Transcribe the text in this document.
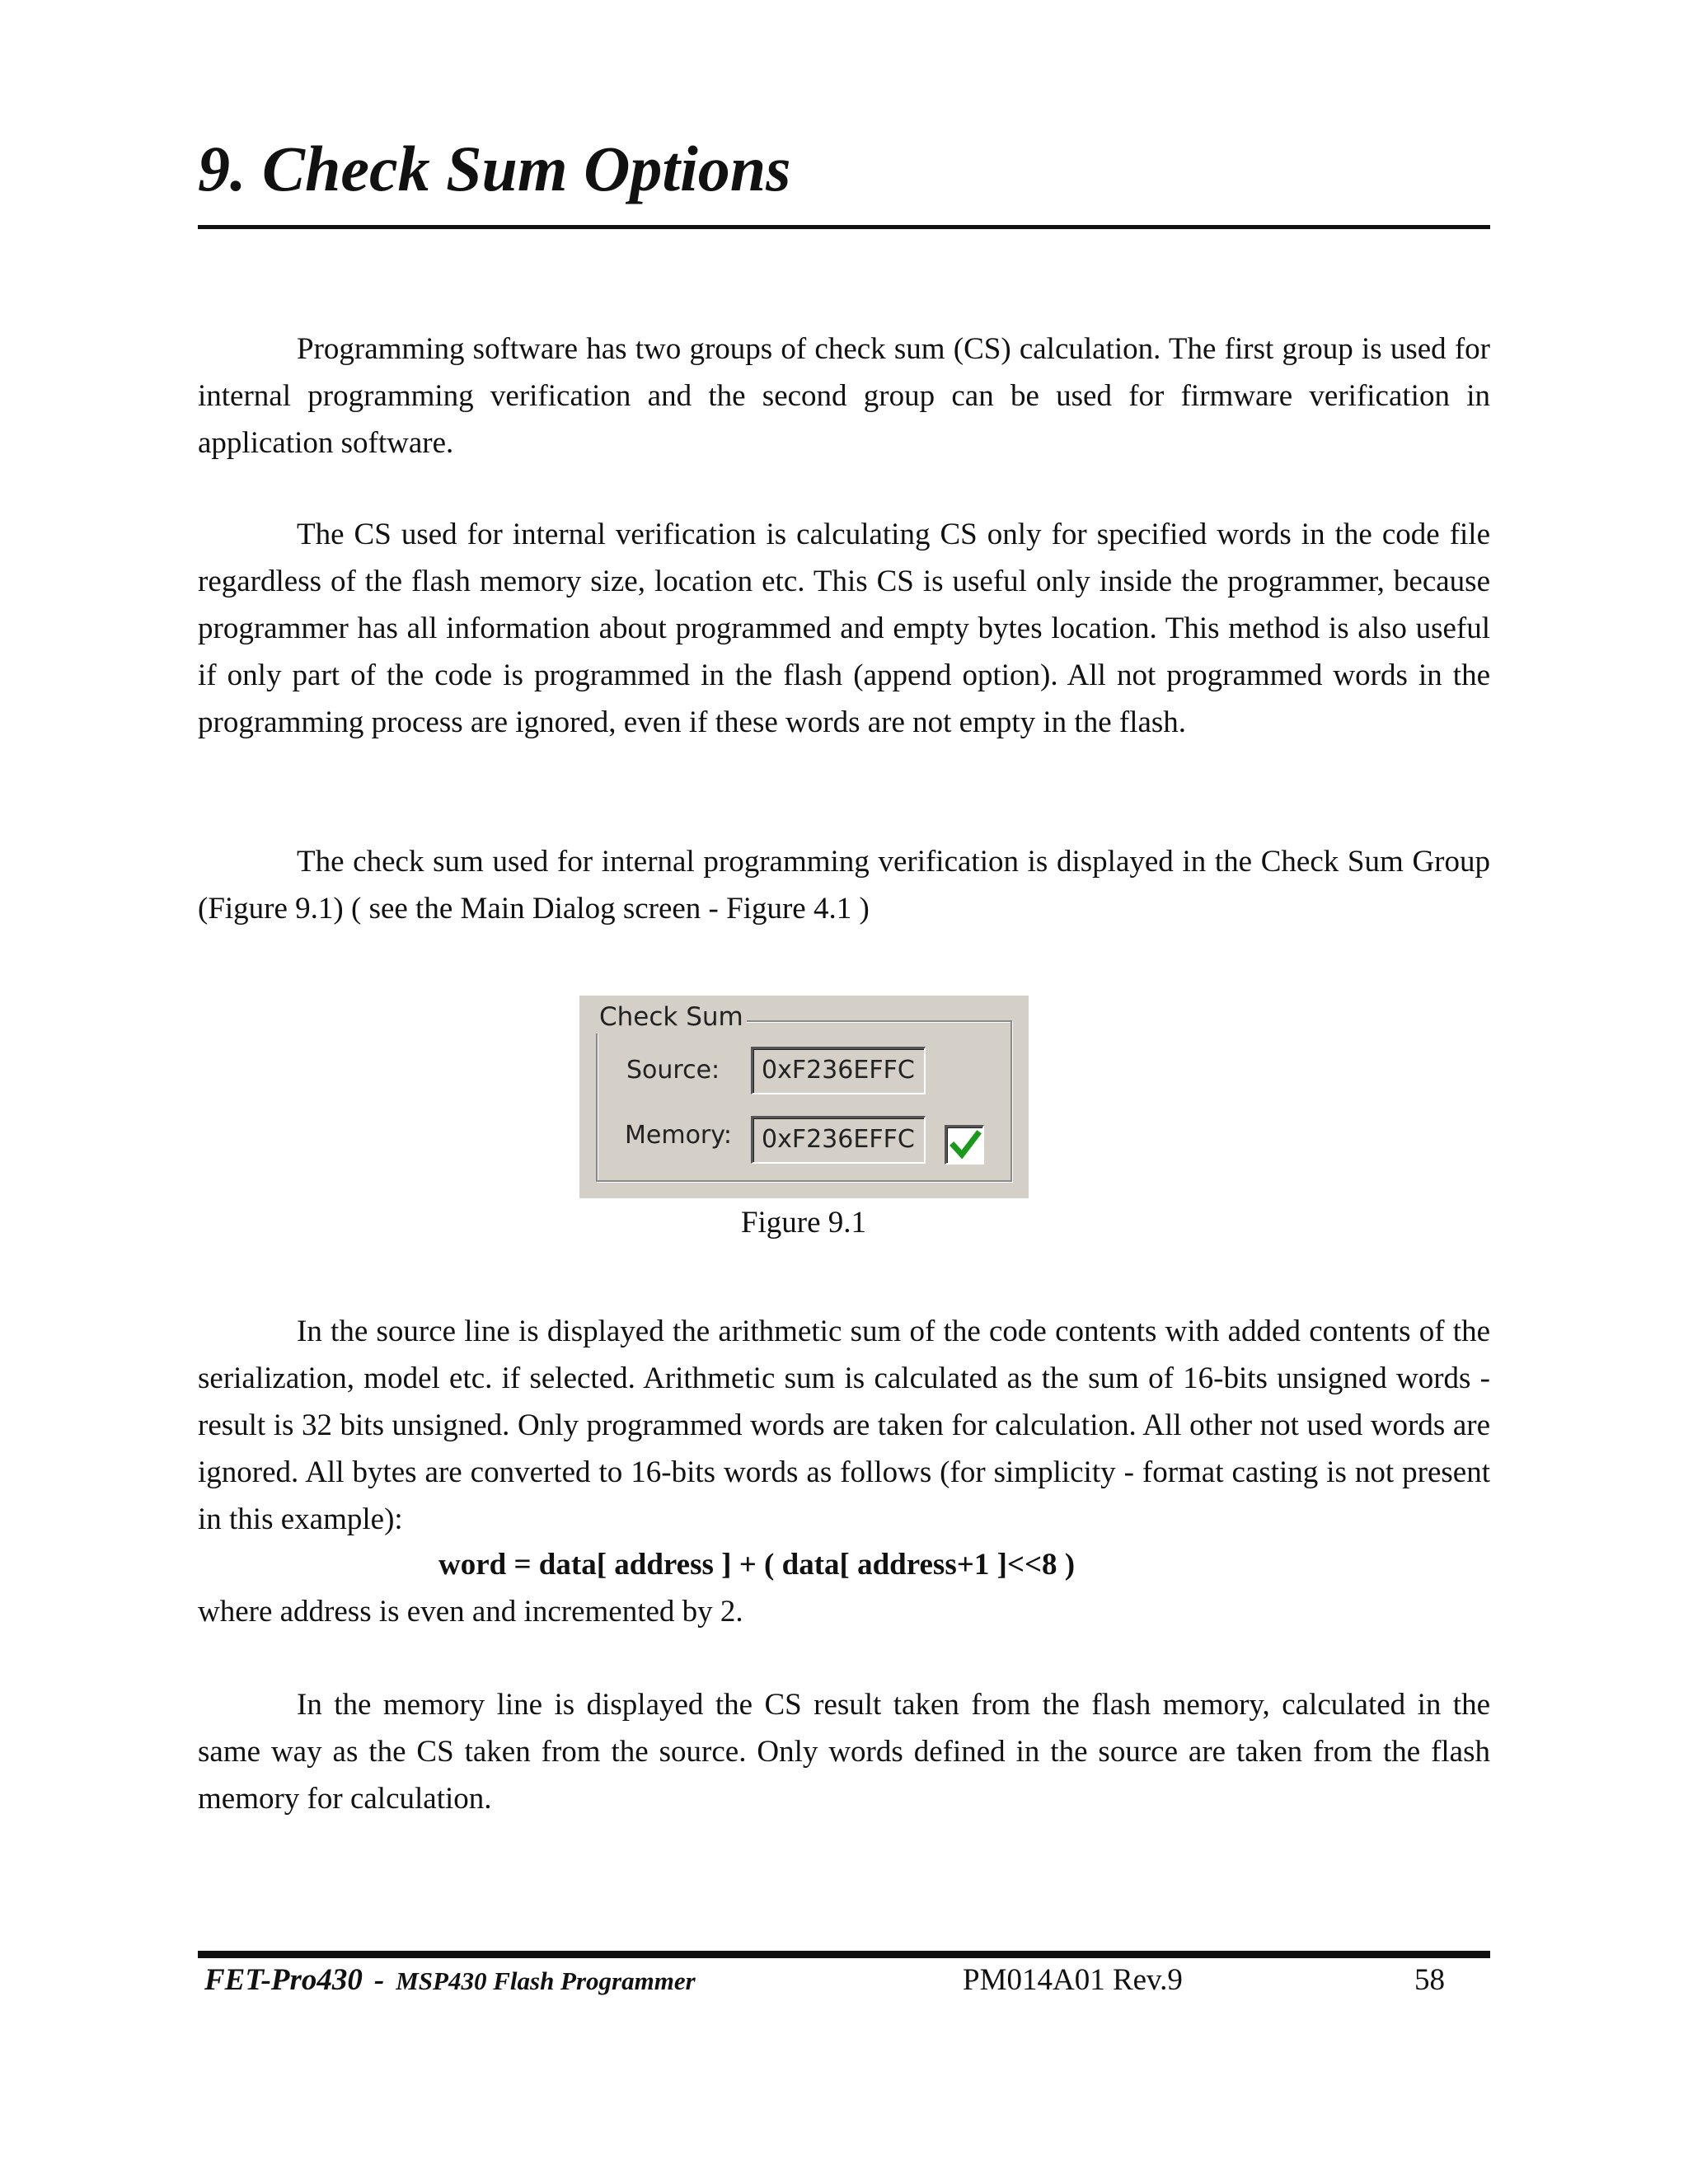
9. Check Sum Options

Programming software has two groups of check sum (CS) calculation. The first group is used for internal programming verification and the second group can be used for firmware verification in application software.

The CS used for internal verification is calculating CS only for specified words in the code file regardless of the flash memory size, location etc. This CS is useful only inside the programmer, because programmer has all information about programmed and empty bytes location. This method is also useful if only part of the code is programmed in the flash (append option). All not programmed words in the programming process are ignored, even if these words are not empty in the flash.

The check sum used for internal programming verification is displayed in the Check Sum Group (Figure 9.1) ( see the Main Dialog screen - Figure 4.1 )

Check Sum
Source:	0xF236EFFC
Memory:	0xF236EFFC

Figure 9.1

In the source line is displayed the arithmetic sum of the code contents with added contents of the serialization, model etc. if selected. Arithmetic sum is calculated as the sum of 16-bits unsigned words - result is 32 bits unsigned. Only programmed words are taken for calculation. All other not used words are ignored. All bytes are converted to 16-bits words as follows (for simplicity - format casting is not present in this example):

word = data[ address ] + ( data[ address+1 ]<<8 )

where address is even and incremented by 2.

In the memory line is displayed the CS result taken from the flash memory, calculated in the same way as the CS taken from the source. Only words defined in the source are taken from the flash memory for calculation.

FET-Pro430 - MSP430 Flash Programmer	PM014A01 Rev.9	58
